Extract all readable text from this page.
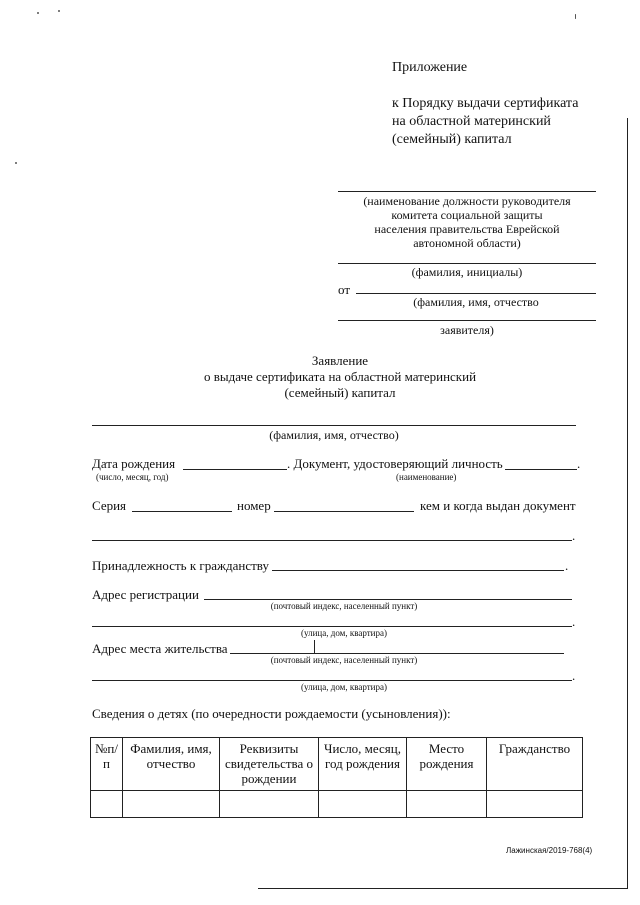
Приложение
к Порядку выдачи сертификата
на областной материнский
(семейный) капитал
(наименование должности руководителя
комитета социальной защиты
населения правительства Еврейской
автономной области)
(фамилия, инициалы)
от
(фамилия, имя, отчество
заявителя)
Заявление
о выдаче сертификата на областной материнский
(семейный) капитал
(фамилия, имя, отчество)
Дата рождения	. Документ, удостоверяющий личность	.
(число, месяц, год)	(наименование)
Серия	номер	кем и когда выдан документ
.
Принадлежность к гражданству	.
Адрес регистрации
(почтовый индекс, населенный пункт)
.
(улица, дом, квартира)
Адрес места жительства
(почтовый индекс, населенный пункт)
.
(улица, дом, квартира)
Сведения о детях (по очередности рождаемости (усыновления)):
№п/ п	Фамилия, имя, отчество	Реквизиты свидетельства о рождении	Число, месяц, год рождения	Место рождения	Гражданство

Лажинская/2019-768(4)
